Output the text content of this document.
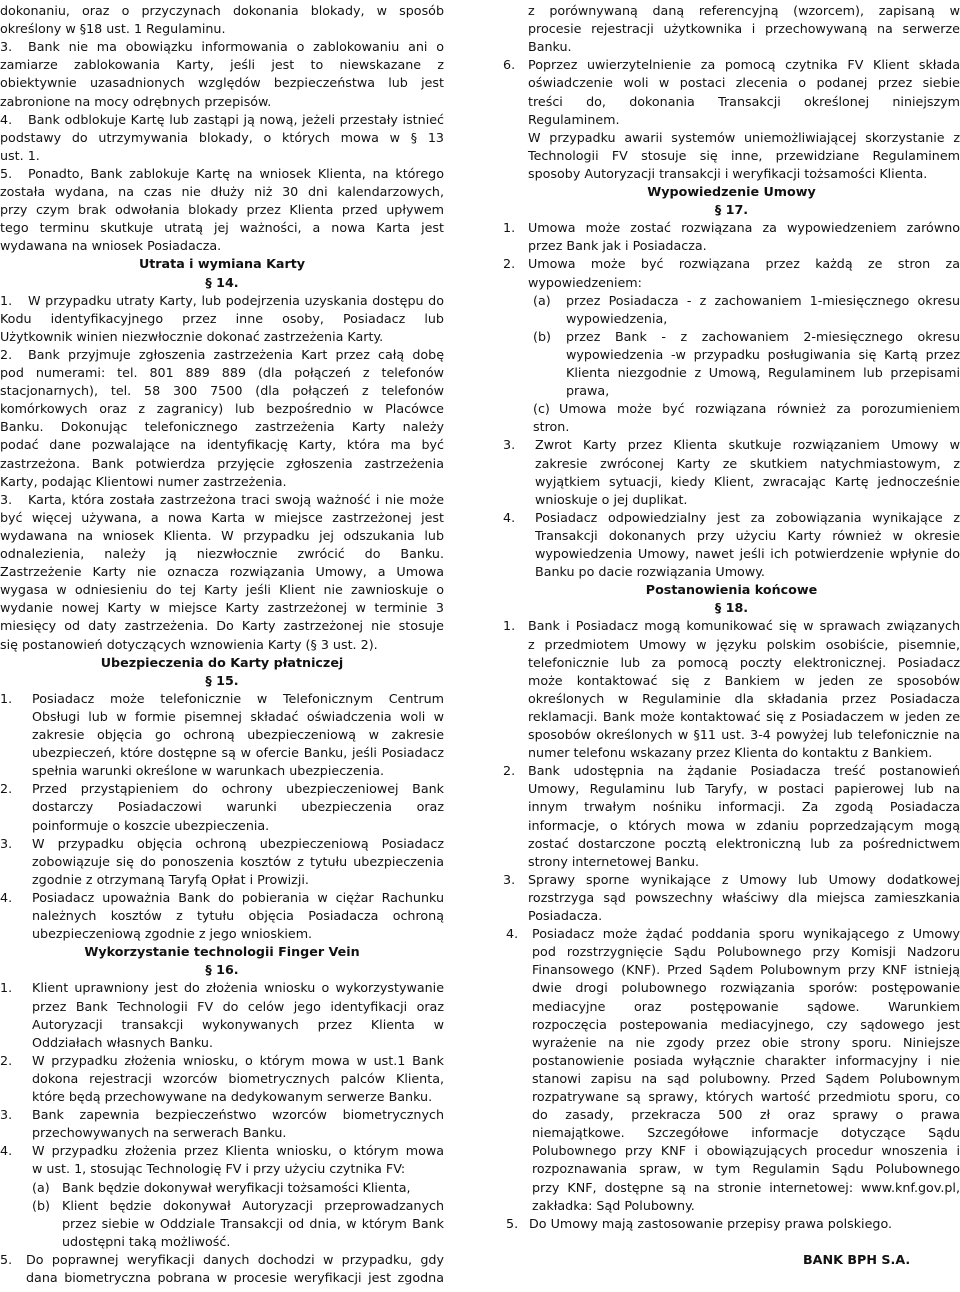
dokonaniu, oraz o przyczynach dokonania blokady, w sposób
określony w §18 ust. 1 Regulaminu.
3. Bank nie ma obowiązku informowania o zablokowaniu ani o
zamiarze zablokowania Karty, jeśli jest to niewskazane z
obiektywnie uzasadnionych względów bezpieczeństwa lub jest
zabronione na mocy odrębnych przepisów.
4. Bank odblokuje Kartę lub zastąpi ją nową, jeżeli przestały istnieć
podstawy do utrzymywania blokady, o których mowa w § 13
ust. 1.
5. Ponadto, Bank zablokuje Kartę na wniosek Klienta, na którego
została wydana, na czas nie dłuży niż 30 dni kalendarzowych,
przy czym brak odwołania blokady przez Klienta przed upływem
tego terminu skutkuje utratą jej ważności, a nowa Karta jest
wydawana na wniosek Posiadacza.
Utrata i wymiana Karty
§ 14.
1. W przypadku utraty Karty, lub podejrzenia uzyskania dostępu do
Kodu identyfikacyjnego przez inne osoby, Posiadacz lub
Użytkownik winien niezwłocznie dokonać zastrzeżenia Karty.
2. Bank przyjmuje zgłoszenia zastrzeżenia Kart przez całą dobę
pod numerami: tel. 801 889 889 (dla połączeń z telefonów
stacjonarnych), tel. 58 300 7500 (dla połączeń z telefonów
komórkowych oraz z zagranicy) lub bezpośrednio w Placówce
Banku. Dokonując telefonicznego zastrzeżenia Karty należy
podać dane pozwalające na identyfikację Karty, która ma być
zastrzeżona. Bank potwierdza przyjęcie zgłoszenia zastrzeżenia
Karty, podając Klientowi numer zastrzeżenia.
3. Karta, która została zastrzeżona traci swoją ważność i nie może
być więcej używana, a nowa Karta w miejsce zastrzeżonej jest
wydawana na wniosek Klienta. W przypadku jej odszukania lub
odnalezienia, należy ją niezwłocznie zwrócić do Banku.
Zastrzeżenie Karty nie oznacza rozwiązania Umowy, a Umowa
wygasa w odniesieniu do tej Karty jeśli Klient nie zawnioskuje o
wydanie nowej Karty w miejsce Karty zastrzeżonej w terminie 3
miesięcy od daty zastrzeżenia. Do Karty zastrzeżonej nie stosuje
się postanowień dotyczących wznowienia Karty (§ 3 ust. 2).
Ubezpieczenia do Karty płatniczej
§ 15.
1. Posiadacz może telefonicznie w Telefonicznym Centrum
Obsługi lub w formie pisemnej składać oświadczenia woli w
zakresie objęcia go ochroną ubezpieczeniową w zakresie
ubezpieczeń, które dostępne są w ofercie Banku, jeśli Posiadacz
spełnia warunki określone w warunkach ubezpieczenia.
2. Przed przystąpieniem do ochrony ubezpieczeniowej Bank
dostarczy Posiadaczowi warunki ubezpieczenia oraz
poinformuje o koszcie ubezpieczenia.
3. W przypadku objęcia ochroną ubezpieczeniową Posiadacz
zobowiązuje się do ponoszenia kosztów z tytułu ubezpieczenia
zgodnie z otrzymaną Taryfą Opłat i Prowizji.
4. Posiadacz upoważnia Bank do pobierania w ciężar Rachunku
należnych kosztów z tytułu objęcia Posiadacza ochroną
ubezpieczeniową zgodnie z jego wnioskiem.
Wykorzystanie technologii Finger Vein
§ 16.
1. Klient uprawniony jest do złożenia wniosku o wykorzystywanie
przez Bank Technologii FV do celów jego identyfikacji oraz
Autoryzacji transakcji wykonywanych przez Klienta w
Oddziałach własnych Banku.
2. W przypadku złożenia wniosku, o którym mowa w ust.1 Bank
dokona rejestracji wzorców biometrycznych palców Klienta,
które będą przechowywane na dedykowanym serwerze Banku.
3. Bank zapewnia bezpieczeństwo wzorców biometrycznych
przechowywanych na serwerach Banku.
4. W przypadku złożenia przez Klienta wniosku, o którym mowa
w ust. 1, stosując Technologię FV i przy użyciu czytnika FV:
(a) Bank będzie dokonywał weryfikacji tożsamości Klienta,
(b) Klient będzie dokonywał Autoryzacji przeprowadzanych
przez siebie w Oddziale Transakcji od dnia, w którym Bank
udostępni taką możliwość.
5. Do poprawnej weryfikacji danych dochodzi w przypadku, gdy
dana biometryczna pobrana w procesie weryfikacji jest zgodna
z porównywaną daną referencyjną (wzorcem), zapisaną w
procesie rejestracji użytkownika i przechowywaną na serwerze
Banku.
6. Poprzez uwierzytelnienie za pomocą czytnika FV Klient składa
oświadczenie woli w postaci zlecenia o podanej przez siebie
treści do, dokonania Transakcji określonej niniejszym
Regulaminem.
W przypadku awarii systemów uniemożliwiającej skorzystanie z
Technologii FV stosuje się inne, przewidziane Regulaminem
sposoby Autoryzacji transakcji i weryfikacji tożsamości Klienta.
Wypowiedzenie Umowy
§ 17.
1. Umowa może zostać rozwiązana za wypowiedzeniem zarówno
przez Bank jak i Posiadacza.
2. Umowa może być rozwiązana przez każdą ze stron za
wypowiedzeniem:
(a) przez Posiadacza - z zachowaniem 1-miesięcznego okresu
wypowiedzenia,
(b) przez Bank - z zachowaniem 2-miesięcznego okresu
wypowiedzenia -w przypadku posługiwania się Kartą przez
Klienta niezgodnie z Umową, Regulaminem lub przepisami
prawa,
(c) Umowa może być rozwiązana również za porozumieniem
stron.
3. Zwrot Karty przez Klienta skutkuje rozwiązaniem Umowy w
zakresie zwróconej Karty ze skutkiem natychmiastowym, z
wyjątkiem sytuacji, kiedy Klient, zwracając Kartę jednocześnie
wnioskuje o jej duplikat.
4. Posiadacz odpowiedzialny jest za zobowiązania wynikające z
Transakcji dokonanych przy użyciu Karty również w okresie
wypowiedzenia Umowy, nawet jeśli ich potwierdzenie wpłynie do
Banku po dacie rozwiązania Umowy.
Postanowienia końcowe
§ 18.
1. Bank i Posiadacz mogą komunikować się w sprawach związanych
z przedmiotem Umowy w języku polskim osobiście, pisemnie,
telefonicznie lub za pomocą poczty elektronicznej. Posiadacz
może kontaktować się z Bankiem w jeden ze sposobów
określonych w Regulaminie dla składania przez Posiadacza
reklamacji. Bank może kontaktować się z Posiadaczem w jeden ze
sposobów określonych w §11 ust. 3-4 powyżej lub telefonicznie na
numer telefonu wskazany przez Klienta do kontaktu z Bankiem.
2. Bank udostępnia na żądanie Posiadacza treść postanowień
Umowy, Regulaminu lub Taryfy, w postaci papierowej lub na
innym trwałym nośniku informacji. Za zgodą Posiadacza
informacje, o których mowa w zdaniu poprzedzającym mogą
zostać dostarczone pocztą elektroniczną lub za pośrednictwem
strony internetowej Banku.
3. Sprawy sporne wynikające z Umowy lub Umowy dodatkowej
rozstrzyga sąd powszechny właściwy dla miejsca zamieszkania
Posiadacza.
4. Posiadacz może żądać poddania sporu wynikającego z Umowy
pod rozstrzygnięcie Sądu Polubownego przy Komisji Nadzoru
Finansowego (KNF). Przed Sądem Polubownym przy KNF istnieją
dwie drogi polubownego rozwiązania sporów: postępowanie
mediacyjne oraz postępowanie sądowe. Warunkiem
rozpoczęcia postepowania mediacyjnego, czy sądowego jest
wyrażenie na nie zgody przez obie strony sporu. Niniejsze
postanowienie posiada wyłącznie charakter informacyjny i nie
stanowi zapisu na sąd polubowny. Przed Sądem Polubownym
rozpatrywane są sprawy, których wartość przedmiotu sporu, co
do zasady, przekracza 500 zł oraz sprawy o prawa
niemajątkowe. Szczegółowe informacje dotyczące Sądu
Polubownego przy KNF i obowiązujących procedur wnoszenia i
rozpoznawania spraw, w tym Regulamin Sądu Polubownego
przy KNF, dostępne są na stronie internetowej: www.knf.gov.pl,
zakładka: Sąd Polubowny.
5. Do Umowy mają zastosowanie przepisy prawa polskiego.
BANK BPH S.A.
